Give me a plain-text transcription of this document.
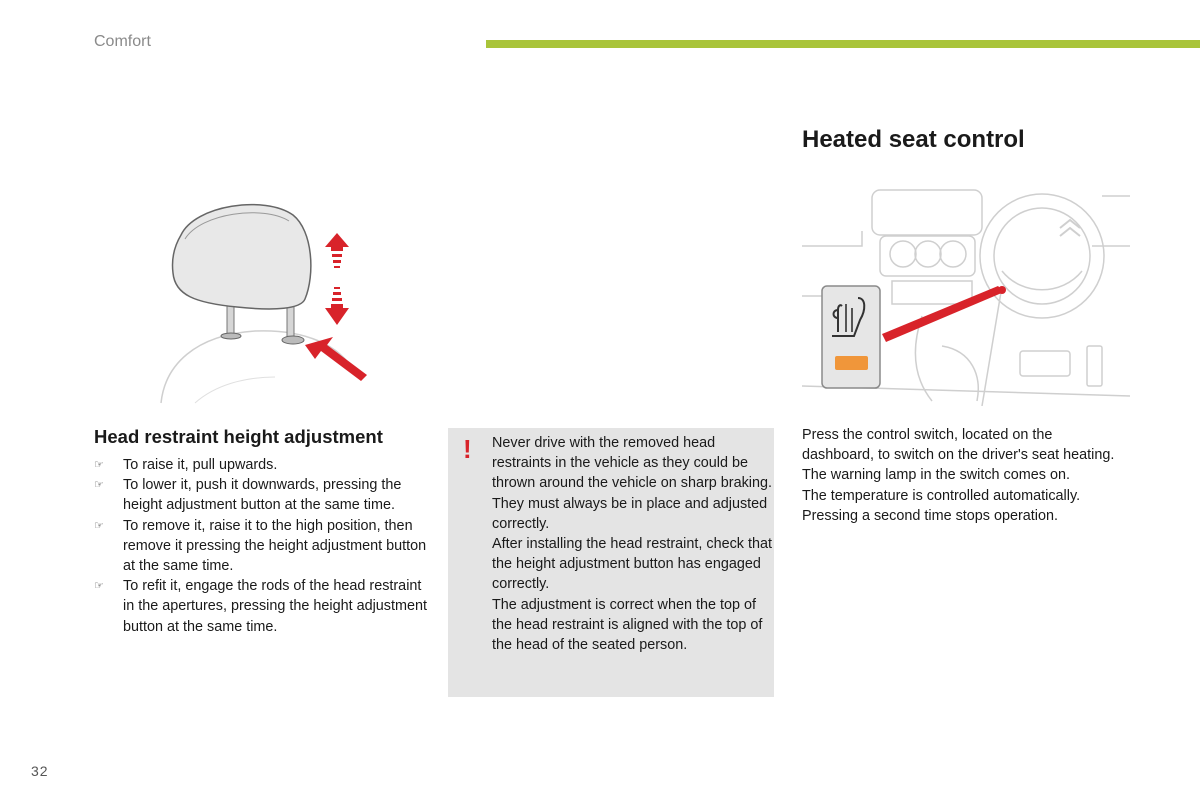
Comfort
Heated seat control
Head restraint height adjustment
☞ To raise it, pull upwards.
☞ To lower it, push it downwards, pressing the height adjustment button at the same time.
☞ To remove it, raise it to the high position, then remove it pressing the height adjustment button at the same time.
☞ To refit it, engage the rods of the head restraint in the apertures, pressing the height adjustment button at the same time.
! Never drive with the removed head restraints in the vehicle as they could be thrown around the vehicle on sharp braking. They must always be in place and adjusted correctly.

After installing the head restraint, check that the height adjustment button has engaged correctly.

The adjustment is correct when the top of the head restraint is aligned with the top of the head of the seated person.

Press the control switch, located on the dashboard, to switch on the driver's seat heating.

The warning lamp in the switch comes on.

The temperature is controlled automatically.

Pressing a second time stops operation.

32
